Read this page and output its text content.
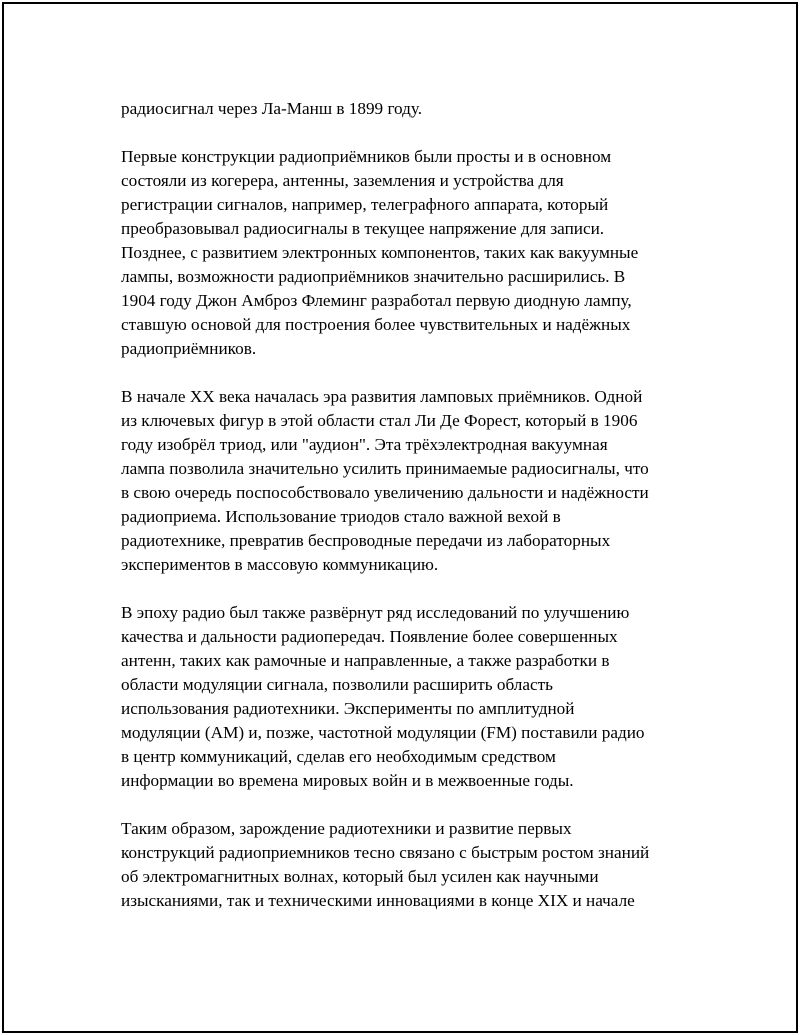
радиосигнал через Ла-Манш в 1899 году.

Первые конструкции радиоприёмников были просты и в основном
состояли из когерера, антенны, заземления и устройства для
регистрации сигналов, например, телеграфного аппарата, который
преобразовывал радиосигналы в текущее напряжение для записи.
Позднее, с развитием электронных компонентов, таких как вакуумные
лампы, возможности радиоприёмников значительно расширились. В
1904 году Джон Амброз Флеминг разработал первую диодную лампу,
ставшую основой для построения более чувствительных и надёжных
радиоприёмников.

В начале XX века началась эра развития ламповых приёмников. Одной
из ключевых фигур в этой области стал Ли Де Форест, который в 1906
году изобрёл триод, или "аудион". Эта трёхэлектродная вакуумная
лампа позволила значительно усилить принимаемые радиосигналы, что
в свою очередь поспособствовало увеличению дальности и надёжности
радиоприема. Использование триодов стало важной вехой в
радиотехнике, превратив беспроводные передачи из лабораторных
экспериментов в массовую коммуникацию.

В эпоху радио был также развёрнут ряд исследований по улучшению
качества и дальности радиопередач. Появление более совершенных
антенн, таких как рамочные и направленные, а также разработки в
области модуляции сигнала, позволили расширить область
использования радиотехники. Эксперименты по амплитудной
модуляции (AM) и, позже, частотной модуляции (FM) поставили радио
в центр коммуникаций, сделав его необходимым средством
информации во времена мировых войн и в межвоенные годы.

Таким образом, зарождение радиотехники и развитие первых
конструкций радиоприемников тесно связано с быстрым ростом знаний
об электромагнитных волнах, который был усилен как научными
изысканиями, так и техническими инновациями в конце XIX и начале
